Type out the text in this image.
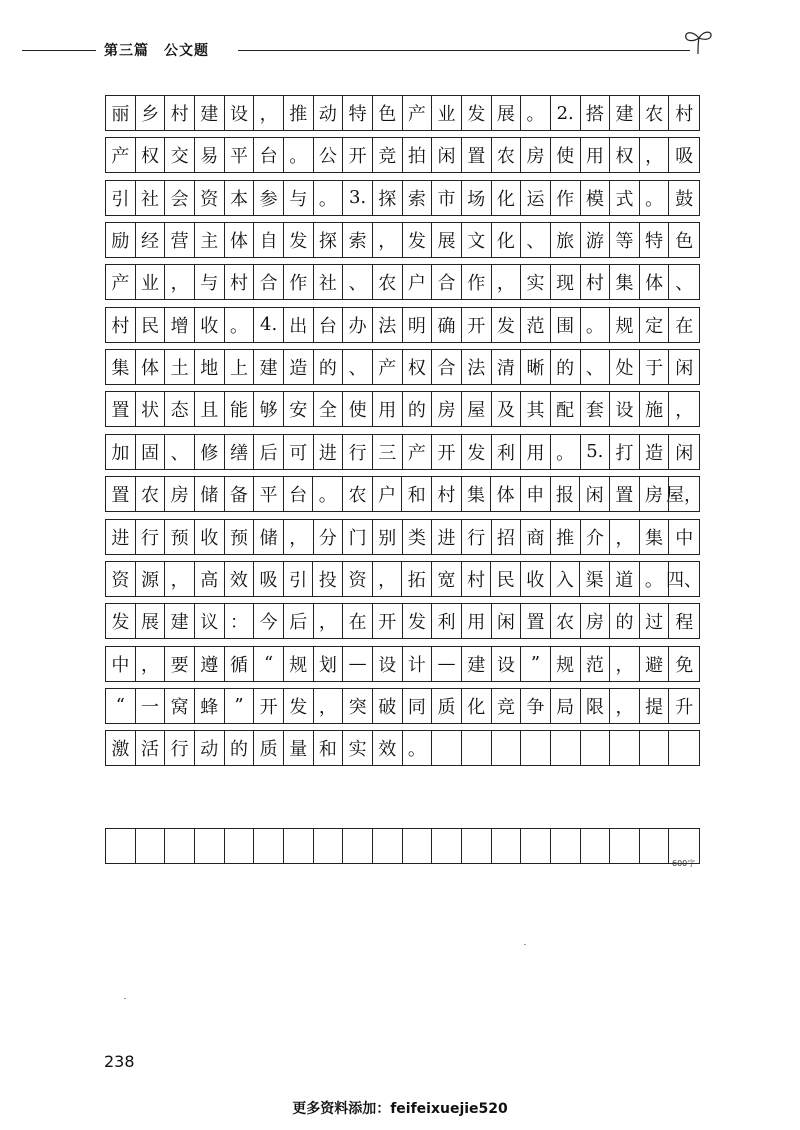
第三篇　公文题
丽 乡 村 建 设 ， 推 动 特 色 产 业 发 展 。 2. 搭 建 农 村
产 权 交 易 平 台 。 公 开 竞 拍 闲 置 农 房 使 用 权 ， 吸
引 社 会 资 本 参 与 。 3. 探 索 市 场 化 运 作 模 式 。 鼓
励 经 营 主 体 自 发 探 索 ， 发 展 文 化 、 旅 游 等 特 色
产 业 ， 与 村 合 作 社 、 农 户 合 作 ， 实 现 村 集 体 、
村 民 增 收 。 4. 出 台 办 法 明 确 开 发 范 围 。 规 定 在
集 体 土 地 上 建 造 的 、 产 权 合 法 清 晰 的 、 处 于 闲
置 状 态 且 能 够 安 全 使 用 的 房 屋 及 其 配 套 设 施 ，
加 固 、 修 缮 后 可 进 行 三 产 开 发 利 用 。 5. 打 造 闲
置 农 房 储 备 平 台 。 农 户 和 村 集 体 申 报 闲 置 房 屋，
进 行 预 收 预 储 ， 分 门 别 类 进 行 招 商 推 介 ， 集 中
资 源 ， 高 效 吸 引 投 资 ， 拓 宽 村 民 收 入 渠 道 。 四、
发 展 建 议 ： 今 后 ， 在 开 发 利 用 闲 置 农 房 的 过 程
中 ， 要 遵 循 “ 规 划 — 设 计 — 建 设 ” 规 范 ， 避 免
“ 一 窝 蜂 ” 开 发 ， 突 破 同 质 化 竞 争 局 限 ， 提 升
激 活 行 动 的 质 量 和 实 效 。
600字
238
更多资料添加：feifeixuejie520
